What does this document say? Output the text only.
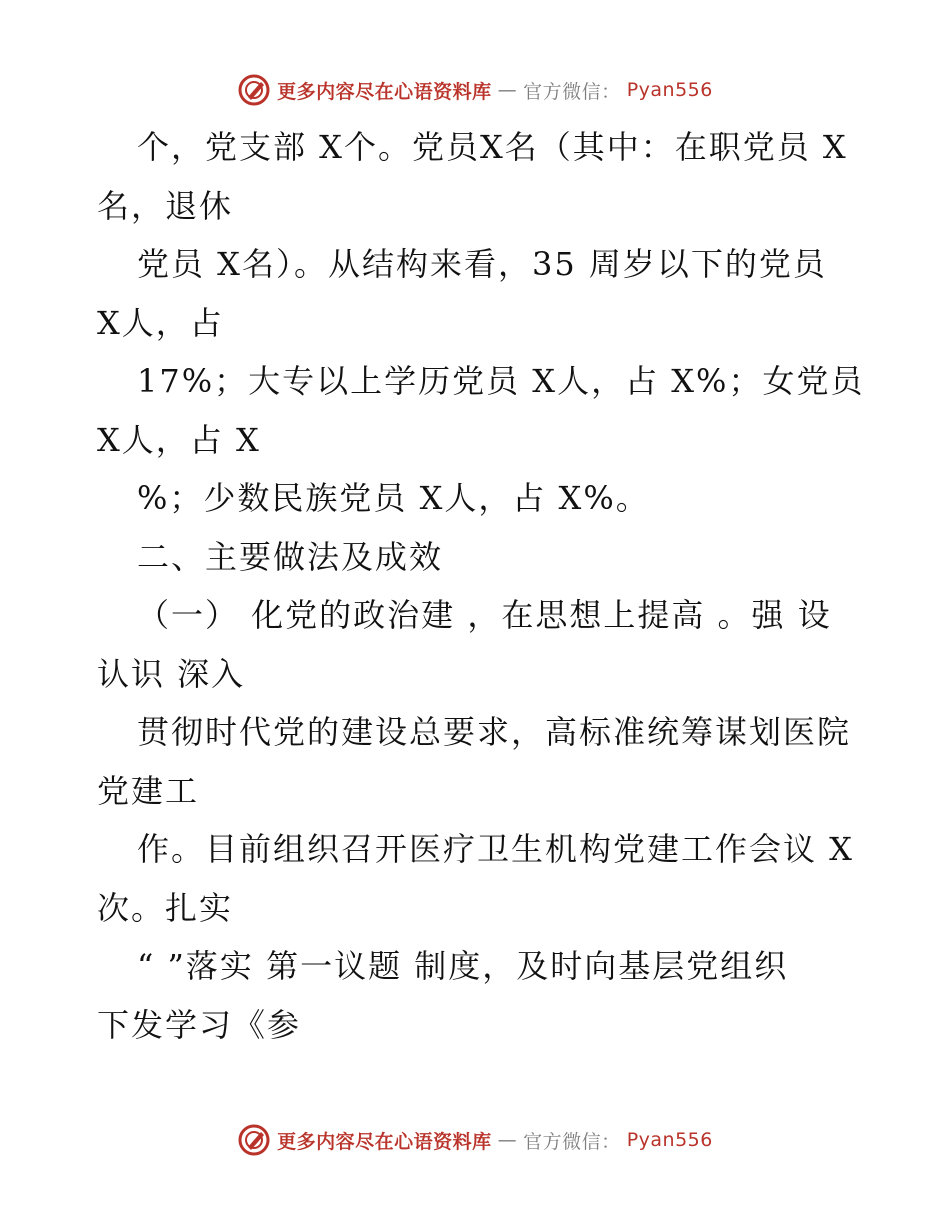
更多内容尽在心语资料库 — 官方微信： Pyan556
个，党支部 X个。党员X名（其中：在职党员 X
名，退休
党员 X名）。从结构来看，35 周岁以下的党员
X人，占
17%；大专以上学历党员 X人，占 X%；女党员
X人，占 X
%；少数民族党员 X人，占 X%。
二、主要做法及成效
（一） 化党的政治建 ，在思想上提高 。强 设
认识 深入
贯彻时代党的建设总要求，高标准统筹谋划医院
党建工
作。目前组织召开医疗卫生机构党建工作会议 X
次。扎实
“ ”落实 第一议题 制度，及时向基层党组织
下发学习《参
更多内容尽在心语资料库 — 官方微信： Pyan556
